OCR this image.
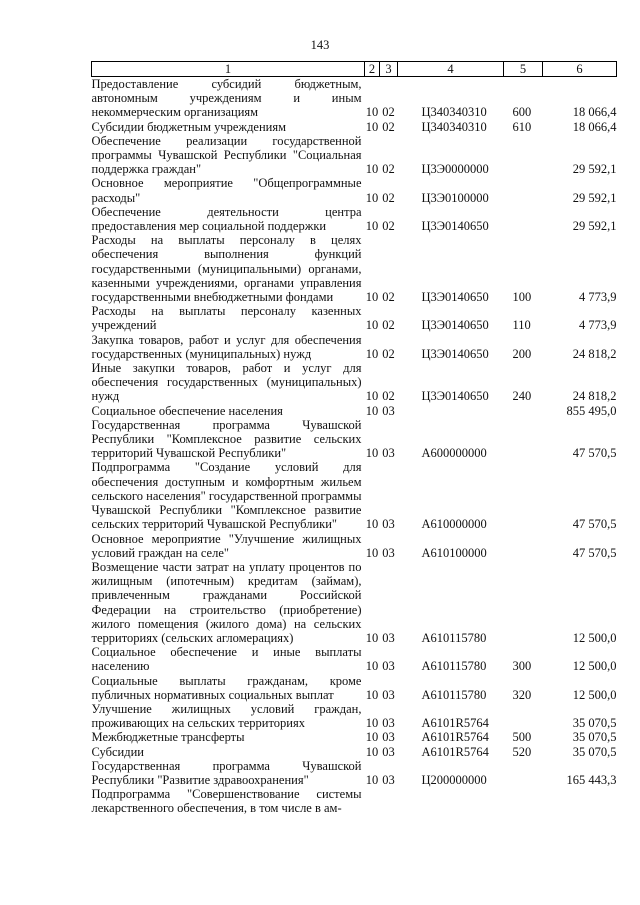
143
1	2	3	4	5	6
Предоставление субсидий бюджетным, автономным учреждениям и иным некоммерческим организациям	10	02	Ц340340310	600	18 066,4
Субсидии бюджетным учреждениям	10	02	Ц340340310	610	18 066,4
Обеспечение реализации государственной программы Чувашской Республики "Социальная поддержка граждан"	10	02	Ц3Э0000000		29 592,1
Основное мероприятие "Общепрограммные расходы"	10	02	Ц3Э0100000		29 592,1
Обеспечение деятельности центра предоставления мер социальной поддержки	10	02	Ц3Э0140650		29 592,1
Расходы на выплаты персоналу в целях обеспечения выполнения функций государственными (муниципальными) органами, казенными учреждениями, органами управления государственными внебюджетными фондами	10	02	Ц3Э0140650	100	4 773,9
Расходы на выплаты персоналу казенных учреждений	10	02	Ц3Э0140650	110	4 773,9
Закупка товаров, работ и услуг для обеспечения государственных (муниципальных) нужд	10	02	Ц3Э0140650	200	24 818,2
Иные закупки товаров, работ и услуг для обеспечения государственных (муниципальных) нужд	10	02	Ц3Э0140650	240	24 818,2
Социальное обеспечение населения	10	03			855 495,0
Государственная программа Чувашской Республики "Комплексное развитие сельских территорий Чувашской Республики"	10	03	А600000000		47 570,5
Подпрограмма "Создание условий для обеспечения доступным и комфортным жильем сельского населения" государственной программы Чувашской Республики "Комплексное развитие сельских территорий Чувашской Республики"	10	03	А610000000		47 570,5
Основное мероприятие "Улучшение жилищных условий граждан на селе"	10	03	А610100000		47 570,5
Возмещение части затрат на уплату процентов по жилищным (ипотечным) кредитам (займам), привлеченным гражданами Российской Федерации на строительство (приобретение) жилого помещения (жилого дома) на сельских территориях (сельских агломерациях)	10	03	А610115780		12 500,0
Социальное обеспечение и иные выплаты населению	10	03	А610115780	300	12 500,0
Социальные выплаты гражданам, кроме публичных нормативных социальных выплат	10	03	А610115780	320	12 500,0
Улучшение жилищных условий граждан, проживающих на сельских территориях	10	03	А6101R5764		35 070,5
Межбюджетные трансферты	10	03	А6101R5764	500	35 070,5
Субсидии	10	03	А6101R5764	520	35 070,5
Государственная программа Чувашской Республики "Развитие здравоохранения"	10	03	Ц200000000		165 443,3
Подпрограмма "Совершенствование системы лекарственного обеспечения, в том числе в ам-					
